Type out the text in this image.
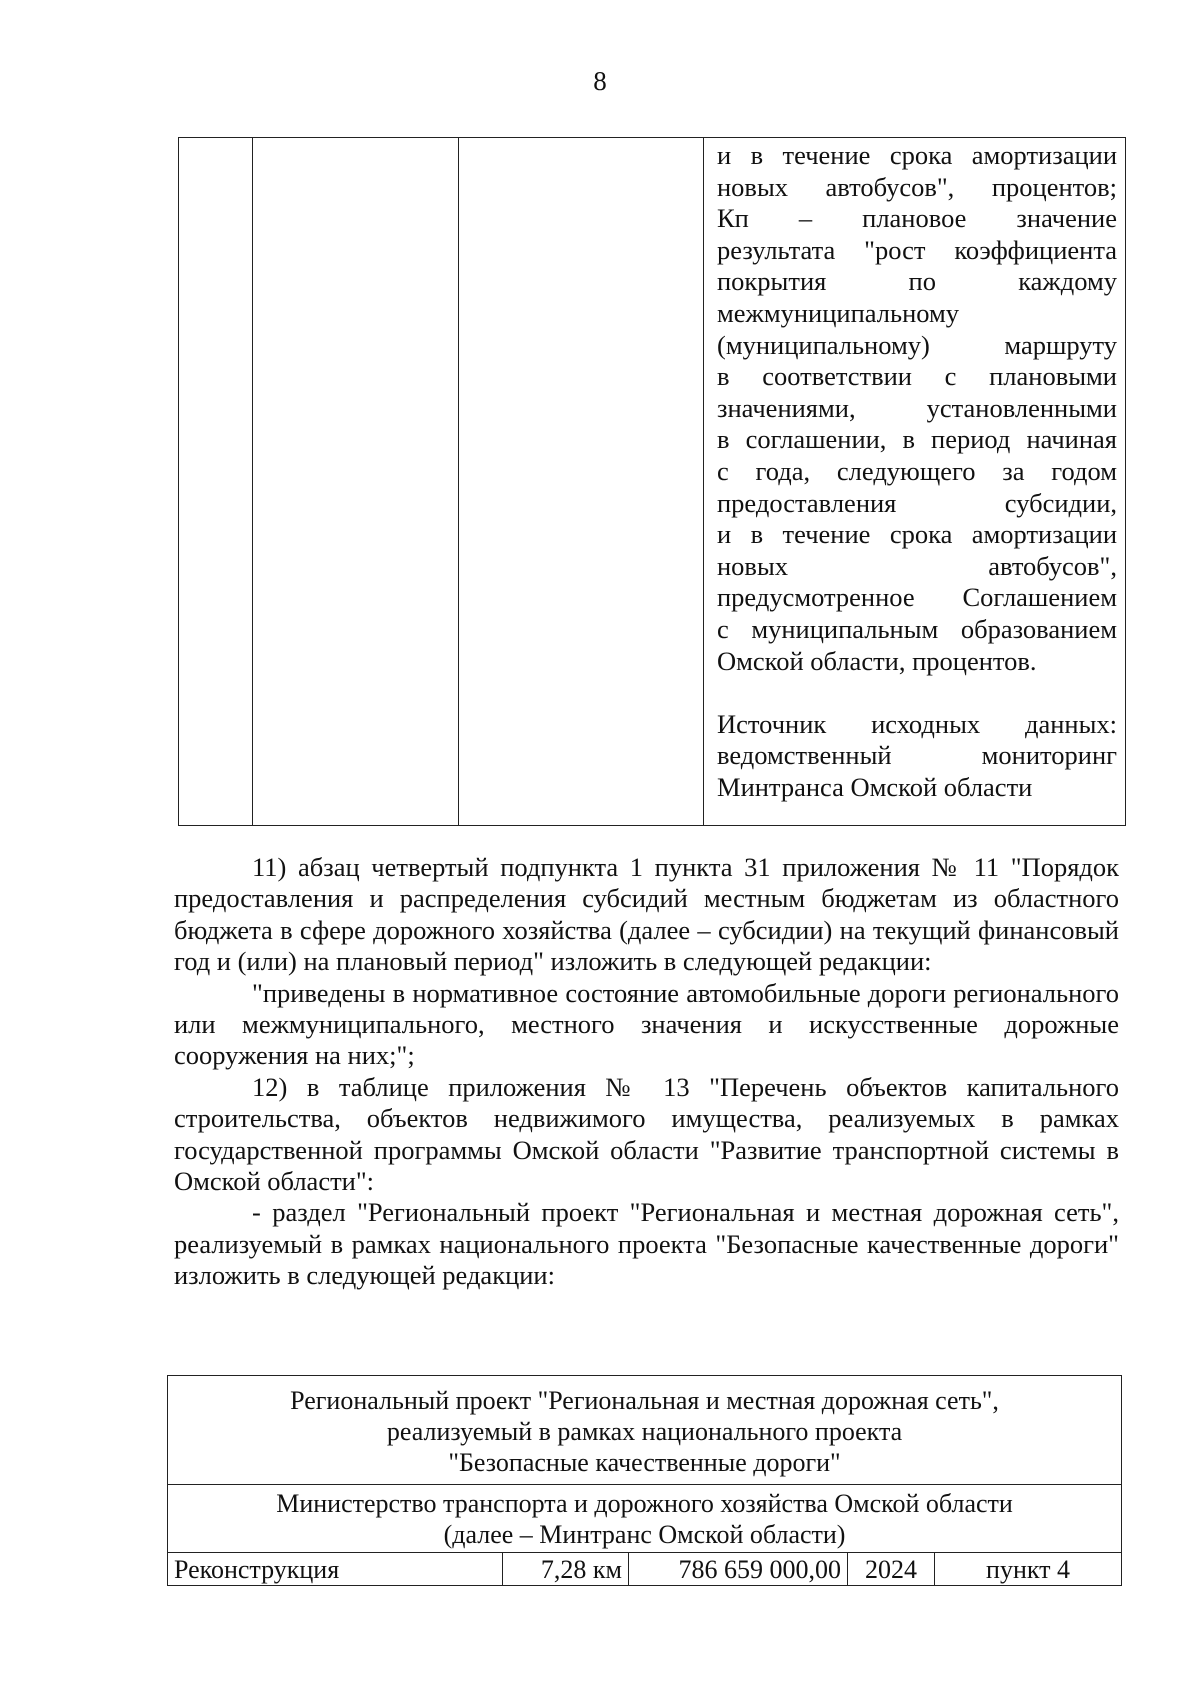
8

и в течение срока амортизации
новых автобусов", процентов;
Кп – плановое значение
результата "рост коэффициента
покрытия по каждому
межмуниципальному
(муниципальному) маршруту
в соответствии с плановыми
значениями, установленными
в соглашении, в период начиная
с года, следующего за годом
предоставления субсидии,
и в течение срока амортизации
новых автобусов",
предусмотренное Соглашением
с муниципальным образованием
Омской области, процентов.
Источник исходных данных:
ведомственный мониторинг
Минтранса Омской области

11) абзац четвертый подпункта 1 пункта 31 приложения № 11 "Порядок предоставления и распределения субсидий местным бюджетам из областного бюджета в сфере дорожного хозяйства (далее – субсидии) на текущий финансовый год и (или) на плановый период" изложить в следующей редакции:

"приведены в нормативное состояние автомобильные дороги регионального или межмуниципального, местного значения и искусственные дорожные сооружения на них;";

12) в таблице приложения № 13 "Перечень объектов капитального строительства, объектов недвижимого имущества, реализуемых в рамках государственной программы Омской области "Развитие транспортной системы в Омской области":

- раздел "Региональный проект "Региональная и местная дорожная сеть", реализуемый в рамках национального проекта "Безопасные качественные дороги" изложить в следующей редакции:

Региональный проект "Региональная и местная дорожная сеть",
реализуемый в рамках национального проекта
"Безопасные качественные дороги"

Министерство транспорта и дорожного хозяйства Омской области
(далее – Минтранс Омской области)

Реконструкция	7,28 км	786 659 000,00	2024	пункт 4
